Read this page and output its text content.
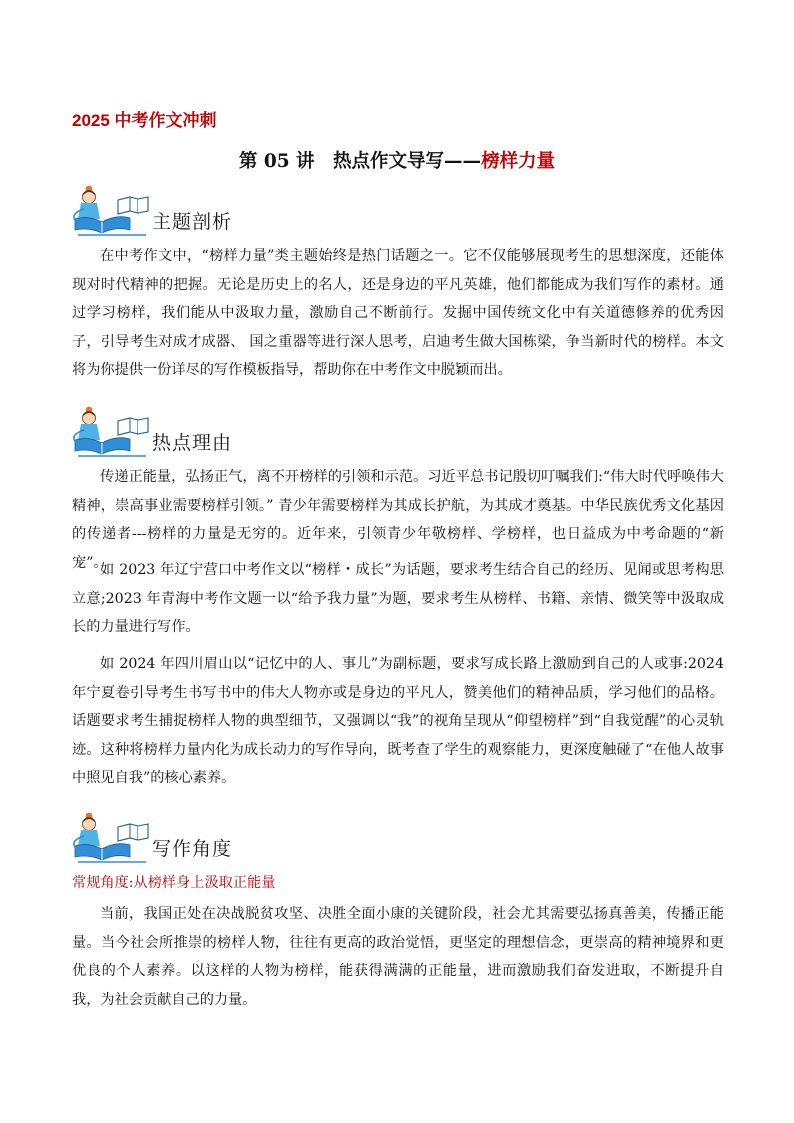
2025 中考作文冲刺
第 05 讲　热点作文导写——榜样力量
主题剖析

在中考作文中，“榜样力量”类主题始终是热门话题之一。它不仅能够展现考生的思想深度，还能体现对时代精神的把握。无论是历史上的名人，还是身边的平凡英雄，他们都能成为我们写作的素材。通过学习榜样，我们能从中汲取力量，激励自己不断前行。发掘中国传统文化中有关道德修养的优秀因子，引导考生对成才成器、 国之重器等进行深人思考，启迪考生做大国栋梁，争当新时代的榜样。本文将为你提供一份详尽的写作模板指导，帮助你在中考作文中脱颖而出。

热点理由

传递正能量，弘扬正气，离不开榜样的引领和示范。习近平总书记殷切叮嘱我们:“伟大时代呼唤伟大精神，崇高事业需要榜样引领。” 青少年需要榜样为其成长护航，为其成才奠基。中华民族优秀文化基因的传递者---榜样的力量是无穷的。近年来，引领青少年敬榜样、学榜样，也日益成为中考命题的“新宠”。

如 2023 年辽宁营口中考作文以“榜样・成长”为话题，要求考生结合自己的经历、见闻或思考构思立意;2023 年青海中考作文题一以“给予我力量”为题，要求考生从榜样、书籍、亲情、微笑等中汲取成长的力量进行写作。

如 2024 年四川眉山以“记忆中的人、事儿”为副标题，要求写成长路上激励到自己的人或事:2024 年宁夏卷引导考生书写书中的伟大人物亦或是身边的平凡人，赞美他们的精神品质，学习他们的品格。话题要求考生捕捉榜样人物的典型细节，又强调以“我”的视角呈现从“仰望榜样”到“自我觉醒”的心灵轨迹。这种将榜样力量内化为成长动力的写作导向，既考查了学生的观察能力，更深度触碰了“在他人故事中照见自我”的核心素养。

写作角度

常规角度:从榜样身上汲取正能量

当前，我国正处在决战脱贫攻坚、决胜全面小康的关键阶段，社会尤其需要弘扬真善美，传播正能量。当今社会所推崇的榜样人物，往往有更高的政治觉悟，更坚定的理想信念，更崇高的精神境界和更优良的个人素养。以这样的人物为榜样，能获得满满的正能量，进而激励我们奋发进取，不断提升自我，为社会贡献自己的力量。
